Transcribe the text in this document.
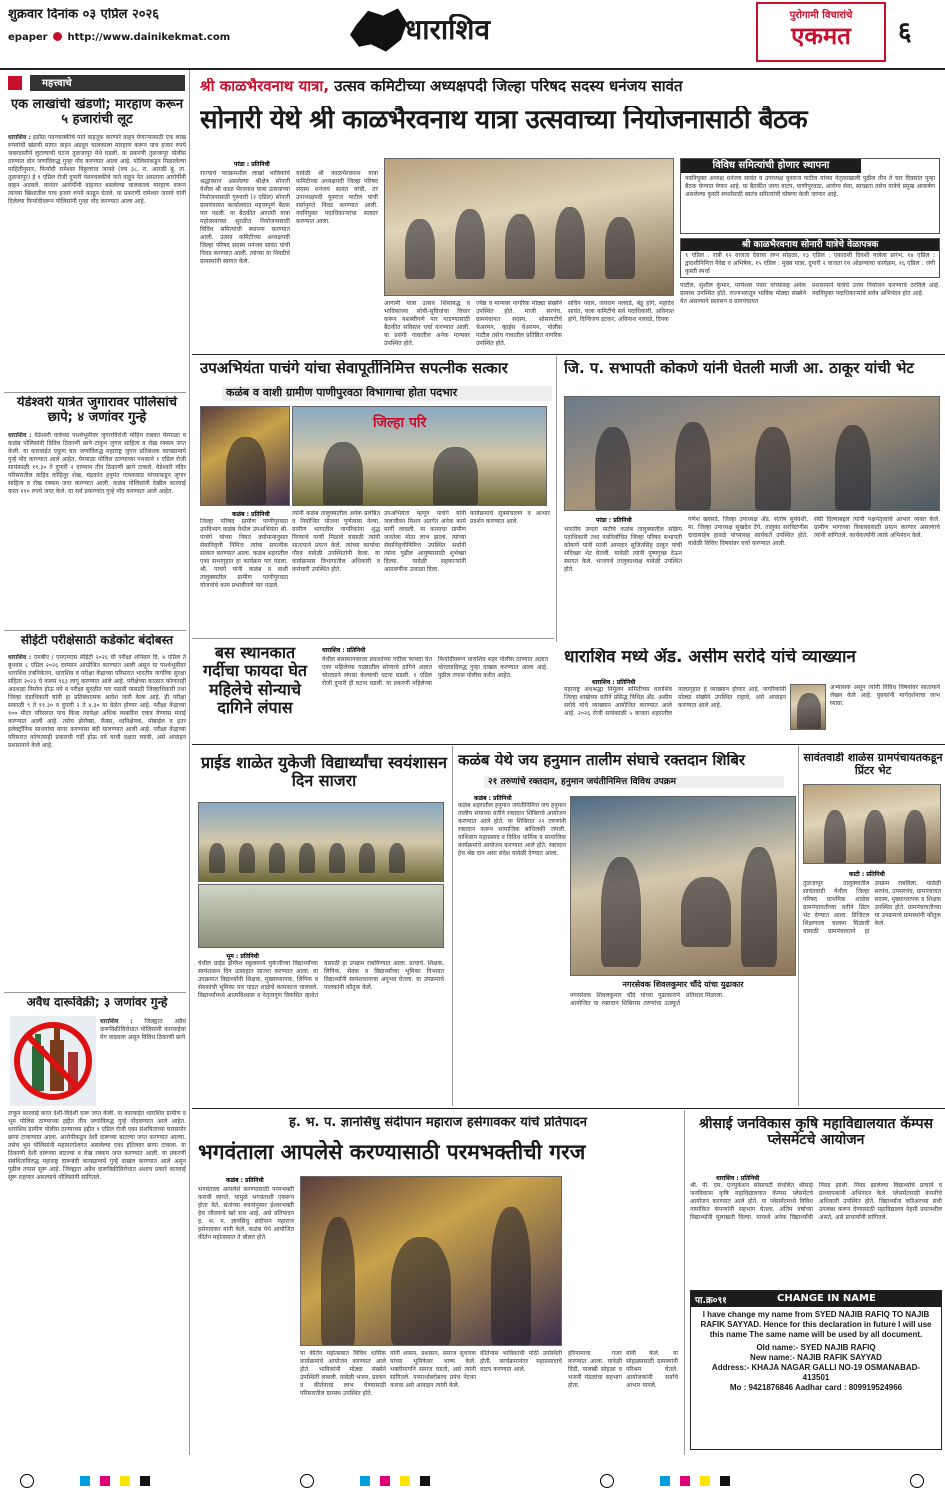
शुक्रवार दिनांक ०३ एप्रिल २०२६
epaper http://www.dainikekmat.com	धाराशिव	पुरोगामी विचारांचे
एकमत	६
महत्त्वाचे
एक लाखांची खंडणी; मारहाण करून ५ हजारांची लूट
धाराशिव : हडोंग्रा पवनचक्कीचे पाते वाहतूक करणारे वाहन येणाऱ्यासाठी एक लाख रुपयांची खंडणी मागत वाहन अडवून चालकाला मारहाण करून पाच हजार रुपये जबरदस्तीने लुटल्याची घटना तुळजापूर येथे घडली. या प्रकरणी तुळजापूर पोलीस ठाण्यात दोन जणांविरुद्ध गुन्हा नोंद करण्यात आला आहे. पोलिसांकडून मिळालेल्या माहितीनुसार, फिर्यादी रामेश्वर विठ्ठलराव जानवे (वय ३८, रा. आरळी बु. ता. तुळजापूर) हे १ एप्रिल रोजी दुपारी पवनचक्कीचे पाते वाहून नेत असताना आरोपींनी वाहन अडवले. यानंतर आरोपींनी वाहनात बसलेल्या चालकाला मारहाण करून त्याच्या खिशातील पाच हजार रुपये काढून घेतले. या प्रकरणी रामेश्वर जानवे यांनी दिलेल्या फिर्यादीवरून पोलिसांनी गुन्हा नोंद करण्यात आला आहे.
येडेश्वरी यात्रेत जुगारावर पोलिसांचे छापे; ४ जणांवर गुन्हे
धाराशिव : येडेश्वरी यात्रेच्या पार्श्वभूमीवर जुगारविरोधी मोहिम राबवत येरमाळा व कळंब पोलिसांनी विविध ठिकाणी छापे टाकून जुगार साहित्य व रोख रक्कम जप्त केली. या कारवाईत एकूण चार जणांविरुद्ध महाराष्ट्र जुगार प्रतिबंधक कायद्यान्वये गुन्हे नोंद करण्यात आले आहेत. येरमाळा पोलिस ठाण्याच्या पथकाने १ एप्रिल रोजी सायंकाळी ११.३० ते दुपारी २ दरम्यान तीन ठिकाणी छापे टाकले. येडेश्वरी मंदिर परिसरातील वाहिद कोहिनूर शेख, चंद्रकांत हनुमंत गायकवाड यांच्याकडून जुगार साहित्य व रोख रक्कम जप्त करण्यात आली. कळंब पोलिसांनी देखील कारवाई करत ११० रुपये जप्त केले. या सर्व प्रकरणांत गुन्हे नोंद करण्यात आले आहेत.
सीईटी परीक्षेसाठी कडेकोट बंदोबस्त
धाराशिव : एमबीए / एमएमएस सीईटी २०२६ ची परीक्षा शनिवार दि. ४ एप्रिल ते बुधवार ८ एप्रिल २०२६ दरम्यान आयोजित करण्यात आली असून या पार्श्वभूमीवर धाराशिव तंत्रनिकेतन, धाराशिव व परीक्षा केंद्राच्या परिसरात भारतीय नागरिक सुरक्षा संहिता २०२३ चे कलम १६३ लागू करण्यात आले आहे. परीक्षेच्या काळात कोणताही अडथळा निर्माण होऊ नये व परीक्षा सुरळीत पार पडावी यासाठी जिल्हाधिकारी तथा जिल्हा दंडाधिकारी यांनी हा प्रतिबंधात्मक आदेश जारी केला आहे. ही परीक्षा सकाळी ९ ते ११.३० व दुपारी २ ते ४.३० या वेळेत होणार आहे. परीक्षा केंद्राच्या १०० मीटर परिसरात पाच किंवा त्यापेक्षा अधिक व्यक्तींना एकत्र येण्यास मनाई करण्यात आली आहे. तसेच झेरॉक्स, फॅक्स, ध्वनिक्षेपक, मोबाईल व इतर इलेक्ट्रॉनिक साधनांचा वापर करण्यास बंदी घालण्यात आली आहे. परीक्षा केंद्राच्या परिसरात कोणत्याही प्रकारची गर्दी होऊ नये याची दक्षता घ्यावी, असे आवाहन प्रशासनाने केले आहे.
अवैध दारूविक्री; ३ जणांवर गुन्हे
धाराशिव : जिल्ह्यात अवैध दारूविक्रीविरोधात पोलिसांनी कारवाईचा वेग वाढवला असून विविध ठिकाणी छापे
टाकून कारवाई करत देशी-विदेशी दारू जप्त केली. या कारवाईत धाराशिव ग्रामीण व भूम पोलिस ठाण्याच्या हद्दीत तीन जणांविरुद्ध गुन्हे नोंदवण्यात आले आहेत. धाराशिव ग्रामीण पोलीस ठाण्याच्या हद्दीत १ एप्रिल रोजी एका संशयिताच्या घरासमोर छापा टाकण्यात आला. आरोपीकडून देशी दारूच्या बाटल्या जप्त करण्यात आल्या. तसेच भूम पोलिसांनी महामार्गालगत असलेल्या एका हॉटेलवर छापा टाकला. या ठिकाणी देशी दारूच्या बाटल्या व रोख रक्कम जप्त करण्यात आली. या प्रकरणी संबंधितांविरुद्ध महाराष्ट्र दारूबंदी कायद्यान्वये गुन्हे दाखल करण्यात आले असून पुढील तपास सुरू आहे. जिल्ह्यात अवैध दारूविक्रीविरोधात अशाच प्रकारे कारवाई सुरू राहणार असल्याचे पोलिसांनी सांगितले.
श्री काळभैरवनाथ यात्रा, उत्सव कमिटीच्या अध्यक्षपदी जिल्हा परिषद सदस्य धनंजय सावंत
सोनारी येथे श्री काळभैरवनाथ यात्रा उत्सवाच्या नियोजनासाठी बैठक
परंडा : प्रतिनिधी
राज्याचे पराक्रमशील लाखो भाविकांचे श्रद्धास्थान असलेल्या श्रीक्षेत्र सोनारी येथील श्री काळ भैरवनाथ यात्रा उत्सवाच्या नियोजनासाठी गुरुवारी (२ एप्रिल) सोनारी ग्रामपंचायत कार्यालयात महत्त्वपूर्ण बैठक पार पडली. या बैठकीत आगामी यात्रा महोत्सवाच्या सुरळीत नियोजनासाठी विविध समित्यांची स्थापना करण्यात आली. उत्सव कमिटीच्या अध्यक्षपदी जिल्हा परिषद सदस्य धनंजय सावंत यांची निवड करण्यात आली. त्यांच्या या निवडीचे ग्रामस्थांनी स्वागत केले.
यावेळी श्री काळभैरवनाथ यात्रा कमिटीच्या अध्यक्षपदी जिल्हा परिषद सदस्य धनंजय सावंत यांची, तर उपाध्यक्षपदी युवराज पाटील यांची सर्वानुमते निवड करण्यात आली. नवनियुक्त पदाधिकाऱ्यांचा सत्कार करण्यात आला.
आगामी यात्रा उत्सव शिस्तबद्ध व भाविकांच्या सोयी-सुविधांचा विचार करून यशस्वीपणे पार पाडण्यासाठी बैठकीत सविस्तर चर्चा करण्यात आली. या प्रसंगी गावातील अनेक मान्यवर उपस्थित होते.
ज्येष्ठ व मान्यवर नागरिक मोठ्या संख्येने उपस्थित होते. माजी सरपंच, ग्रामपंचायत सदस्य, सोसायटीचे चेअरमन, व्हाईस चेअरमन, पोलीस पाटील तसेच गावातील प्रतिष्ठित नागरिक उपस्थित होते.
सचिन पवार, जयराम नलवडे, बंडू हांगे, महादेव सावंत, यात्रा कमिटीचे सर्व पदाधिकारी, अविनाश हांगे, दिग्विजय इटकर, अविनाश नलवडे, दिपक
विविध समित्यांची होणार स्थापना
नवनियुक्त अध्यक्ष धनंजय सावंत व उपाध्यक्ष युवराज पाटील यांच्या नेतृत्वाखाली पुढील तीन ते चार दिवसांत पुन्हा बैठक घेण्यात येणार आहे. या बैठकीत जागा वाटप, पाणीपुरवठा, आरोग्य सेवा, स्वच्छता तसेच यात्रेचे प्रमुख आकर्षण असलेल्या कुस्ती स्पर्धांसाठी स्वतंत्र समित्यांची घोषणा केली जाणार आहे.
श्री काळभैरवनाथ सोनारी यात्रेचे वेळापत्रक
९ एप्रिल : रात्री १२ वाजता देवाचा लग्न सोहळा, १३ एप्रिल : एकादशी दिवशी यात्रेला प्रारंभ, १४ एप्रिल : द्वादशीनिमित्त नैवेद्य व अभिषेक, १५ एप्रिल : मुख्य यात्रा, दुपारी २ वाजता रथ ओढण्याचा कार्यक्रम, १६ एप्रिल : जंगी कुस्ती स्पर्धा
पाटील, सुशील कुंभार, परमेश्वर पवार यांच्यासह अनेक ग्रामस्थ उपस्थित होते. राज्यभरातून भाविक मोठ्या संख्येने येत असल्याने प्रशासन व ग्रामपंचायत
प्रशासनाने यात्रेचे उत्तम नियोजन करण्याचे ठरविले आहे. नवनियुक्त पदाधिकाऱ्यांचे सर्वत्र अभिनंदन होत आहे.
उपअभियंता पाचंगे यांचा सेवापूर्तीनिमित्त सपत्नीक सत्कार
कळंब व वाशी ग्रामीण पाणीपुरवठा विभागाचा होता पदभार
जिल्हा परि
कळंब : प्रतिनिधी
जिल्हा परिषद ग्रामीण पाणीपुरवठा उपविभाग कळंब येथील उपअभियंता श्री. पाचंगे यांच्या नियत वयोमानानुसार सेवानिवृत्ती निमित्त त्यांचा सपत्नीक सत्कार करण्यात आला. कळंब शहरातील एका सभागृहात हा कार्यक्रम पार पडला. श्री. पाचंगे यांनी कळंब व वाशी तालुक्यातील ग्रामीण पाणीपुरवठा योजनांचे काम प्रभावीपणे पार पाडले.
त्यांनी कळंब तालुक्यातील अनेक प्रलंबित व नियोजित योजना पूर्णत्वास नेल्या. ग्रामीण भागातील नागरिकांना शुद्ध पिण्याचे पाणी मिळावे यासाठी त्यांनी सातत्याने प्रयत्न केले. त्यांच्या कार्याचा गौरव यावेळी उपस्थितांनी केला. या कार्यक्रमास विभागातील अधिकारी व कर्मचारी उपस्थित होते.
उपअभियंता म्हणून पाचंगे यांनी जलजीवन मिशन अंतर्गत अनेक कामे मार्गी लावली. या कामाचा ग्रामीण जनतेला मोठा लाभ झाला. त्यांच्या सेवानिवृत्तीनिमित्त उपस्थित सर्वांनी त्यांना पुढील आयुष्यासाठी शुभेच्छा दिल्या. यावेळी सहकाऱ्यांनी आठवणींना उजाळा दिला.
कार्यक्रमाचे सूत्रसंचालन व आभार प्रदर्शन करण्यात आले.
जि. प. सभापती कोकणे यांनी घेतली माजी आ. ठाकूर यांची भेट
परंडा : प्रतिनिधी
भारतीय जनता पार्टीचे कळंब तालुक्यातील सक्रिय पदाधिकारी तथा नवनिर्वाचित जिल्हा परिषद सभापती कोकणे यांनी माजी आमदार सुजितसिंह ठाकूर यांची सदिच्छा भेट घेतली. यावेळी त्यांनी पुष्पगुच्छ देऊन स्वागत केले. भाजपचे तालुकाध्यक्ष यावेळी उपस्थित होते.
गणेश खरसडे, जिल्हा उपाध्यक्ष ॲड. संतोष सुर्यवंशी, मा. जिल्हा उपाध्यक्ष सुखदेव टेंगे, तालुका सरचिटणीस दादासाहेब हावळे यांच्यासह कार्यकर्ते उपस्थित होते. यावेळी विविध विषयांवर चर्चा करण्यात आली.
संघी दिल्याबद्दल त्यांनी पक्षनेतृत्वाचे आभार व्यक्त केले. ग्रामीण भागाच्या विकासासाठी प्रयत्न करणार असल्याचे त्यांनी सांगितले. कार्यकर्त्यांनी त्यांचे अभिनंदन केले.
बस स्थानकात गर्दीचा फायदा घेत महिलेचे सोन्याचे दागिने लंपास
धाराशिव : प्रतिनिधी
येथील बसस्थानकावर प्रवाशांच्या गर्दीचा फायदा घेत एका महिलेच्या गळ्यातील सोन्याचे दागिने अज्ञात चोरट्याने लंपास केल्याची घटना घडली. १ एप्रिल रोजी दुपारी ही घटना घडली. या प्रकरणी महिलेच्या फिर्यादीवरून धाराशिव शहर पोलीस ठाण्यात अज्ञात चोरट्याविरुद्ध गुन्हा दाखल करण्यात आला आहे. पुढील तपास पोलीस करीत आहेत.
धाराशिव मध्ये ॲड. असीम सरोदे यांचे व्याख्यान
धाराशिव : प्रतिनिधी
महाराष्ट्र अंधश्रद्धा निर्मूलन समितीच्या धाराशिव जिल्हा शाखेच्या वतीने प्रसिद्ध विधिज्ञ ॲड. असीम सरोदे यांचे व्याख्यान आयोजित करण्यात आले आहे. २०२६ रोजी सायंकाळी ५ वाजता शहरातील नाट्यगृहात हे व्याख्यान होणार आहे. नागरिकांनी मोठ्या संख्येने उपस्थित राहावे, असे आवाहन करण्यात आले आहे.
अभ्यासक असून त्यांनी विविध विषयांवर सातत्याने लेखन केले आहे. युवकांनी मार्गदर्शनाचा लाभ घ्यावा.
प्राईड शाळेत युकेजी विद्यार्थ्यांचा स्वयंशासन दिन साजरा
भूम : प्रतिनिधी
येथील प्राईड इंग्लिश स्कूलमध्ये युकेजीच्या विद्यार्थ्यांच्या स्वयंशासन दिन उत्साहात साजरा करण्यात आला. या उपक्रमात विद्यार्थ्यांनी शिक्षक, मुख्याध्यापक, लिपिक व सेवकांची भूमिका पार पाडत शाळेचे कामकाज चालवले. विद्यार्थ्यांमध्ये आत्मविश्वास व नेतृत्वगुण विकसित व्हावेत यासाठी हा उपक्रम राबविण्यात आला. प्राचार्य, शिक्षक, लिपिक, सेवक व विद्यार्थ्यांच्या भूमिका निभावत विद्यार्थ्यांनी स्वयंशासनाचा अनुभव घेतला. या उपक्रमाचे पालकांनी कौतुक केले.
कळंब येथे जय हनुमान तालीम संघाचे रक्तदान शिबिर
२१ तरुणांचे रक्तदान, हनुमान जयंतीनिमित्त विविध उपक्रम
कळंब : प्रतिनिधी
कळंब शहरातील हनुमान जयंतीनिमित्त जय हनुमान तालीम संघाच्या वतीने रक्तदान शिबिराचे आयोजन करण्यात आले होते. या शिबिरात २१ तरुणांनी रक्तदान करून सामाजिक बांधिलकी जपली. याशिवाय महाप्रसाद व विविध धार्मिक व सामाजिक कार्यक्रमांचे आयोजन करण्यात आले होते. रक्तदान हेच श्रेष्ठ दान असा संदेश यावेळी देण्यात आला.
नगरसेवक शिवलकुमार चौंदे यांचा युढाकार
नगरसेवक शिवलकुमार चौंदे यांच्या पुढाकाराने आयोजित या रक्तदान शिबिरास तरुणांचा उत्स्फूर्त प्रतिसाद मिळाला.
सावंतवाडी शाळेस ग्रामपंचायतकडून प्रिंटर भेट
काटी : प्रतिनिधी
तुळजापूर तालुक्यातील सावंतवाडी येथील जिल्हा परिषद प्राथमिक शाळेस ग्रामपंचायतीच्या वतीने प्रिंटर भेट देण्यात आला. डिजिटल शिक्षणाला चालना मिळावी यासाठी ग्रामपंचायतने हा उपक्रम राबविला. यावेळी सरपंच, उपसरपंच, ग्रामपंचायत सदस्य, मुख्याध्यापक व शिक्षक उपस्थित होते. ग्रामपंचायतीच्या या उपक्रमाचे ग्रामस्थांनी कौतुक केले.
ह. भ. प. ज्ञानसिंधु संदीपान महाराज हसेगावकर यांचे प्रतिपादन
भगवंताला आपलेसे करण्यासाठी परमभक्तीची गरज
कळंब : प्रतिनिधी
भगवंताला आपलेसे करण्यासाठी परमभक्ती करावी लागते. यामुळे भगवंताशी एकरूप होता येते. संतांच्या वचनांनुसार ईश्वरभक्ती हेच जीवनाचे खरे सार आहे, असे प्रतिपादन ह. भ. प. ज्ञानसिंधु संदीपान महाराज हसेगावकर यांनी केले. कळंब येथे आयोजित कीर्तन महोत्सवात ते बोलत होते.
या कीर्तन महोत्सवात विविध धार्मिक कार्यक्रमांचे आयोजन करण्यात आले होते. भाविकांनी मोठ्या संख्येने उपस्थिती लावली. यावेळी भजन, प्रवचन व कीर्तनाचा लाभ घेण्यासाठी परिसरातील ग्रामस्थ उपस्थित होते.
यांनी शासन, प्रशासन, समाज सुधारक यांच्या भूमिकेवर भाष्य केले. भक्तीमार्गाने समाज घडतो, असे त्यांनी सांगितले. परमार्थाबरोबरच प्रपंच नेटका करावा असे आवाहन त्यांनी केले.
कीर्तनास भाविकांची मोठी उपस्थिती होती. कार्यक्रमानंतर महाप्रसादाचे वाटप करण्यात आले.
हरिनामाचा गजर करण्यात आला. यावेळी दिंडी, पालखी सोहळा व भजनी मंडळांचा सहभाग होता.
यांनी केले. या सोहळ्यासाठी ग्रामस्थांनी परिश्रम घेतले. आयोजकांनी सर्वांचे आभार मानले.
श्रीसाई जनविकास कृषि महाविद्यालयात कॅम्पस प्लेसमेंटचे आयोजन
धाराशिव : प्रतिनिधी
श्री. पी. एम. एज्युकेशन सोसायटी संचलित श्रीसाई जनविकास कृषि महाविद्यालयात कॅम्पस प्लेसमेंटचे आयोजन करण्यात आले होते. या प्लेसमेंटमध्ये विविध नामांकित कंपन्यांनी सहभाग घेतला. अंतिम वर्षाच्या विद्यार्थ्यांनी मुलाखती दिल्या. यामध्ये अनेक विद्यार्थ्यांची निवड झाली. निवड झालेल्या विद्यार्थ्यांचे प्राचार्य व प्राध्यापकांनी अभिनंदन केले. प्लेसमेंटसाठी कंपनीचे अधिकारी उपस्थित होते. विद्यार्थ्यांना करिअरच्या संधी उपलब्ध करून देण्यासाठी महाविद्यालय नेहमी प्रयत्नशील असते, असे प्राचार्यांनी सांगितले.
पा.क्र०९१	CHANGE IN NAME
I have change my name from SYED NAJIB RAFIQ TO NAJIB RAFIK SAYYAD. Hence for this declaration in future I will use this name The same name will be used by all document.
Old name:- SYED NAJIB RAFIQ
New name:- NAJIB RAFIK SAYYAD
Address:- KHAJA NAGAR GALLI NO-19 OSMANABAD-413501
Mo : 9421876846 Aadhar card : 809919524966
